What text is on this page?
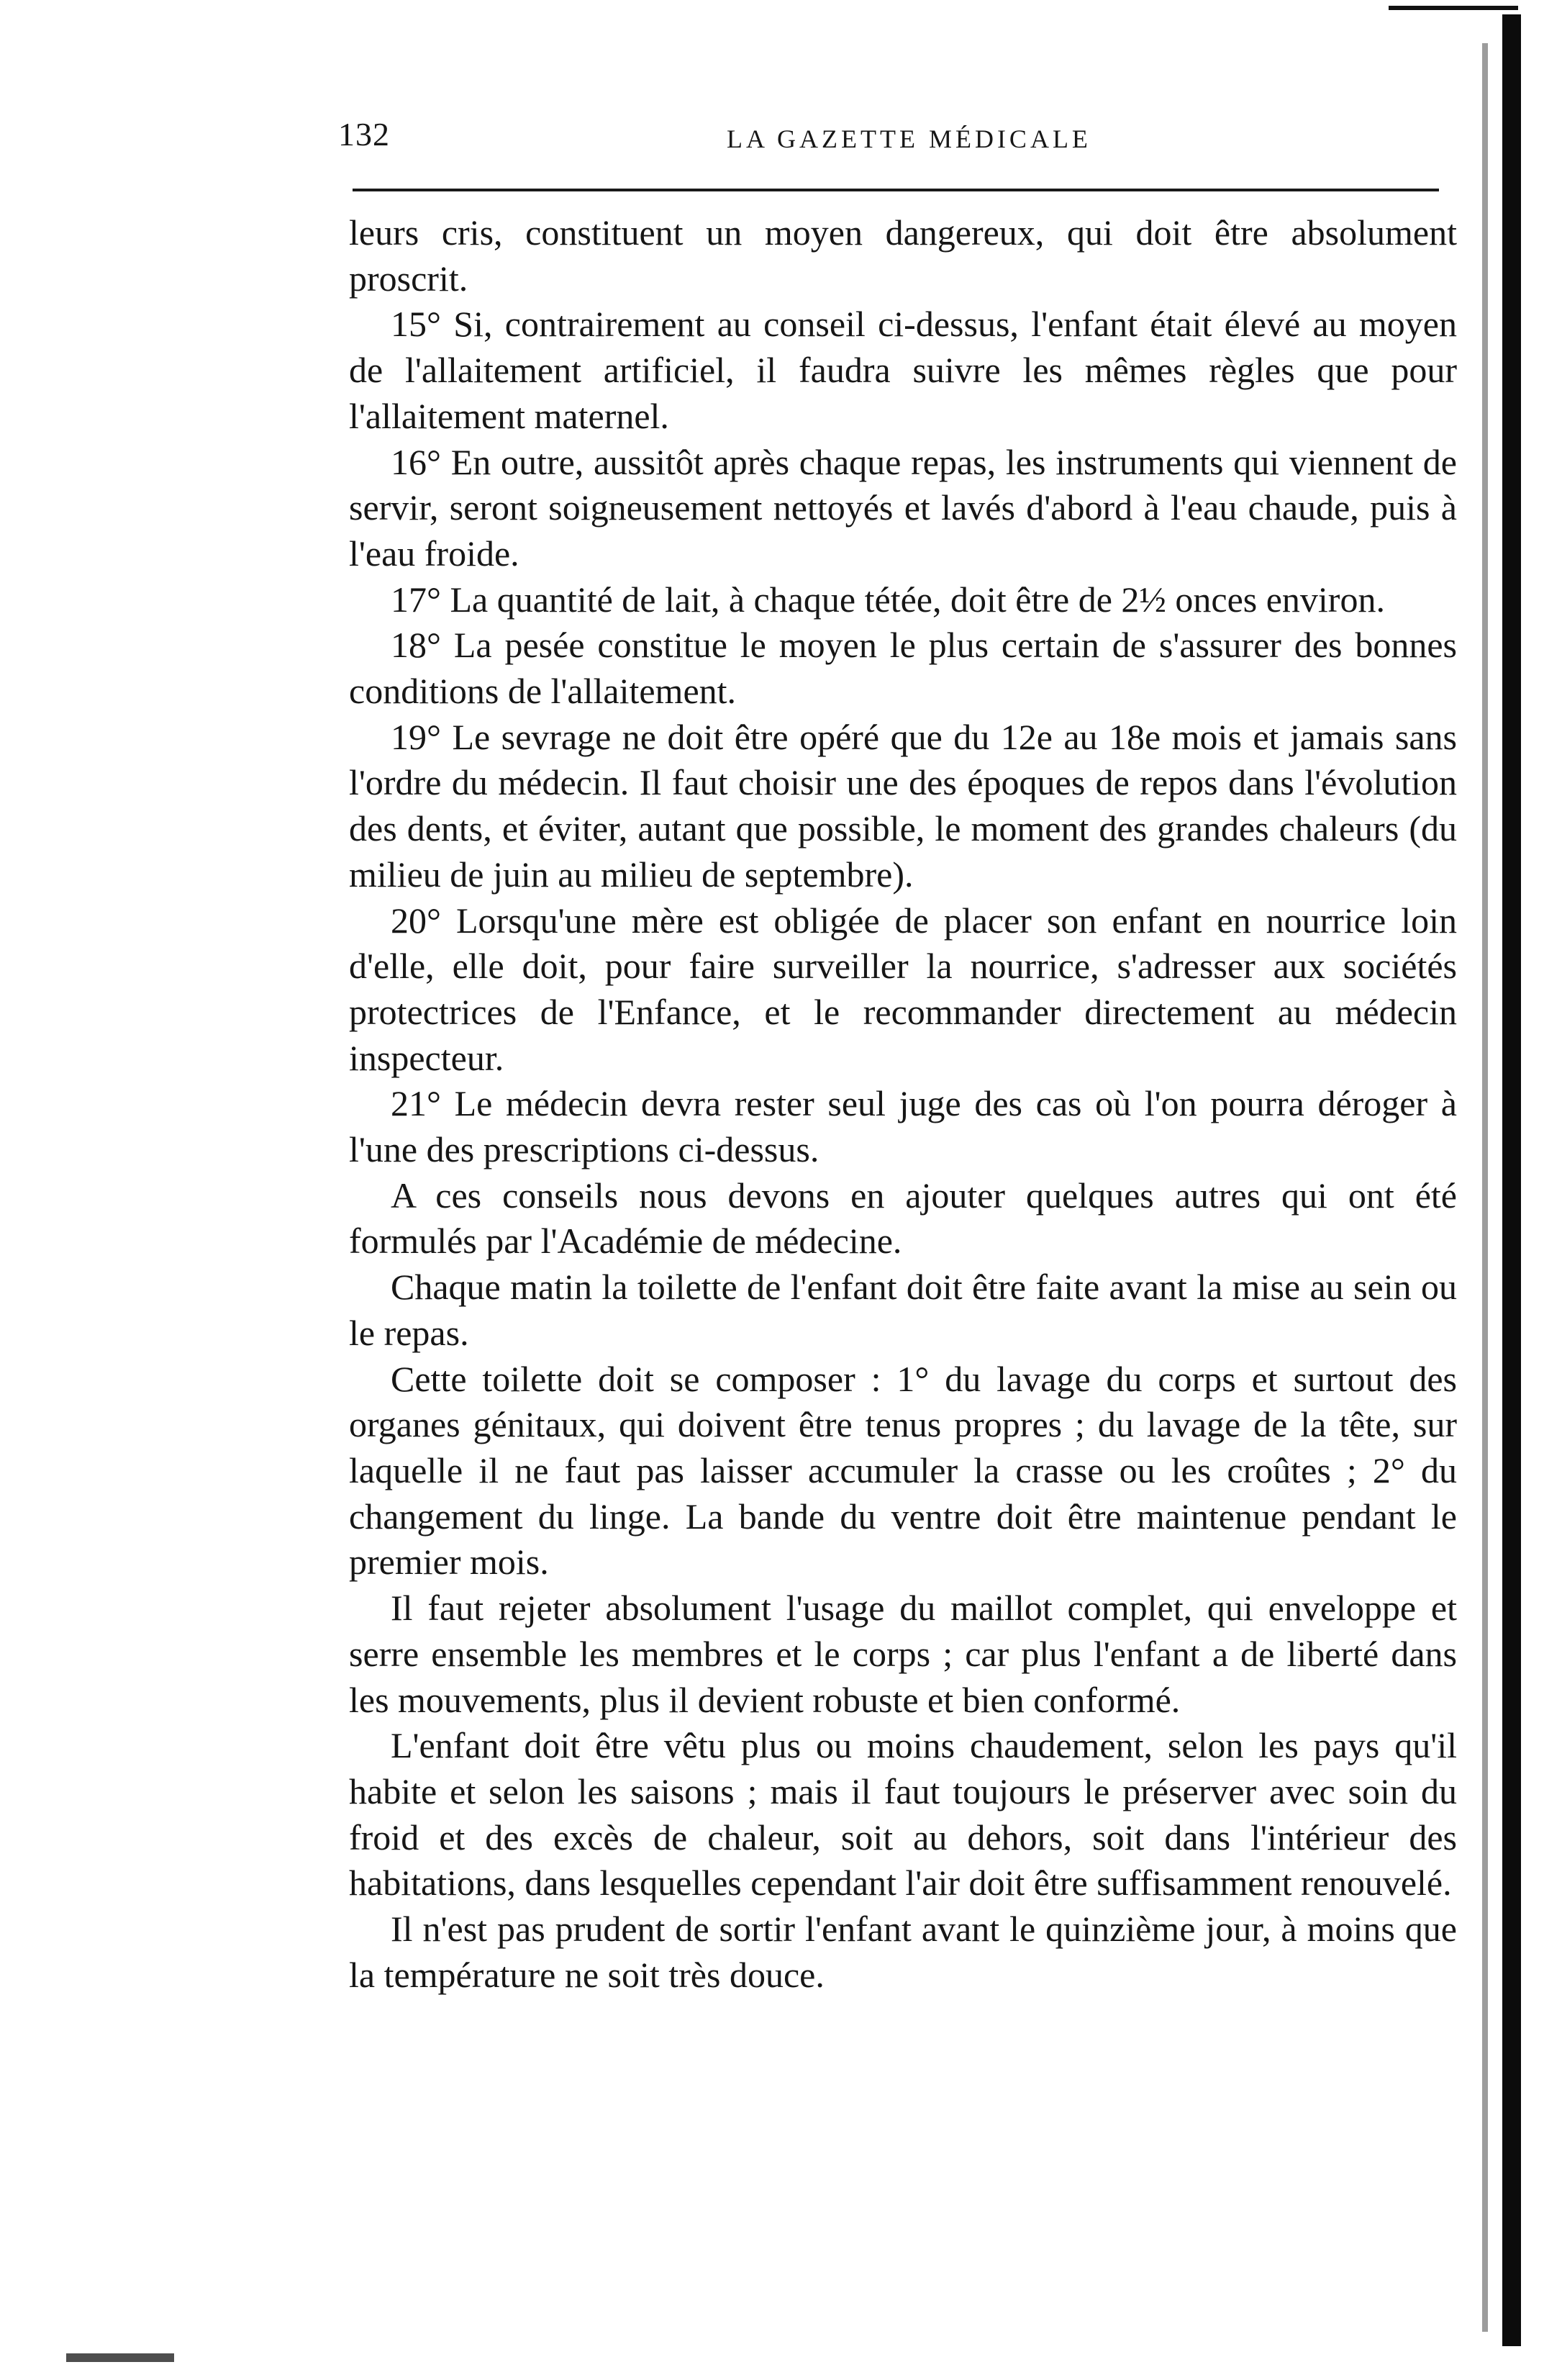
132	LA GAZETTE MÉDICALE

leurs cris, constituent un moyen dangereux, qui doit être absolument proscrit.

15° Si, contrairement au conseil ci-dessus, l'enfant était élevé au moyen de l'allaitement artificiel, il faudra suivre les mêmes règles que pour l'allaitement maternel.

16° En outre, aussitôt après chaque repas, les instruments qui viennent de servir, seront soigneusement nettoyés et lavés d'abord à l'eau chaude, puis à l'eau froide.

17° La quantité de lait, à chaque tétée, doit être de 2½ onces environ.

18° La pesée constitue le moyen le plus certain de s'assurer des bonnes conditions de l'allaitement.

19° Le sevrage ne doit être opéré que du 12e au 18e mois et jamais sans l'ordre du médecin. Il faut choisir une des époques de repos dans l'évolution des dents, et éviter, autant que possible, le moment des grandes chaleurs (du milieu de juin au milieu de septembre).

20° Lorsqu'une mère est obligée de placer son enfant en nourrice loin d'elle, elle doit, pour faire surveiller la nourrice, s'adresser aux sociétés protectrices de l'Enfance, et le recommander directement au médecin inspecteur.

21° Le médecin devra rester seul juge des cas où l'on pourra déroger à l'une des prescriptions ci-dessus.

A ces conseils nous devons en ajouter quelques autres qui ont été formulés par l'Académie de médecine.

Chaque matin la toilette de l'enfant doit être faite avant la mise au sein ou le repas.

Cette toilette doit se composer : 1° du lavage du corps et surtout des organes génitaux, qui doivent être tenus propres ; du lavage de la tête, sur laquelle il ne faut pas laisser accumuler la crasse ou les croûtes ; 2° du changement du linge. La bande du ventre doit être maintenue pendant le premier mois.

Il faut rejeter absolument l'usage du maillot complet, qui enveloppe et serre ensemble les membres et le corps ; car plus l'enfant a de liberté dans les mouvements, plus il devient robuste et bien conformé.

L'enfant doit être vêtu plus ou moins chaudement, selon les pays qu'il habite et selon les saisons ; mais il faut toujours le préserver avec soin du froid et des excès de chaleur, soit au dehors, soit dans l'intérieur des habitations, dans lesquelles cependant l'air doit être suffisamment renouvelé.

Il n'est pas prudent de sortir l'enfant avant le quinzième jour, à moins que la température ne soit très douce.
